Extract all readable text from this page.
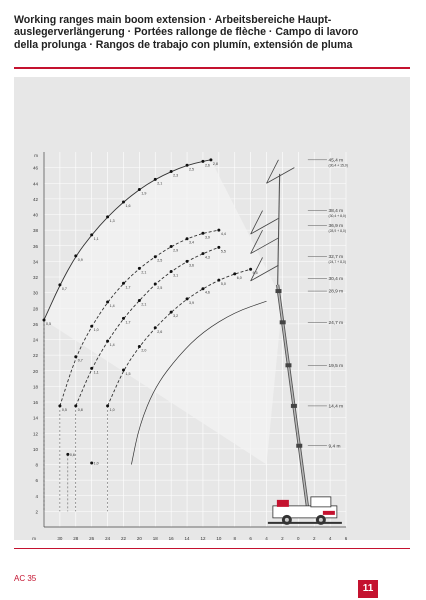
Working ranges main boom extension · Arbeitsbereiche Haupt-
auslegerverlängerung · Portées rallonge de flèche · Campo di lavoro
della prolunga · Rangos de trabajo con plumín, extensión de pluma
2
4
6
8
10
12
14
16
18
20
22
24
26
28
30
32
34
36
38
40
42
44
46
30 28 26 24 22 20 18 16 14 12 10	8	6	4	2	0	2	4	6
m
m
0,5
0,7
0,9
1,1
1,3
1,6
1,9
2,1
2,3
2,5
2,6 2,8
0,5
0,7
1,0
1,4
1,7
2,1
2,5
2,9
3,4
3,9
4,4
0,8
1,1
1,4
1,7
2,1
2,5
3,1
3,6
4,3
5,5
1,0
1,5
2,0
2,6
3,2
3,9
4,6
5,0
6,0
6,5
0,6
1,0
45,4 m
(30,4 + 15,0)
38,4 m
(30,4 + 8,0)
36,9 m
(28,9 + 8,0)
32,7 m
(24,7 + 8,0)
30,4 m
28,9 m
24,7 m
19,5 m
14,4 m
9,4 m
AC 35
11
